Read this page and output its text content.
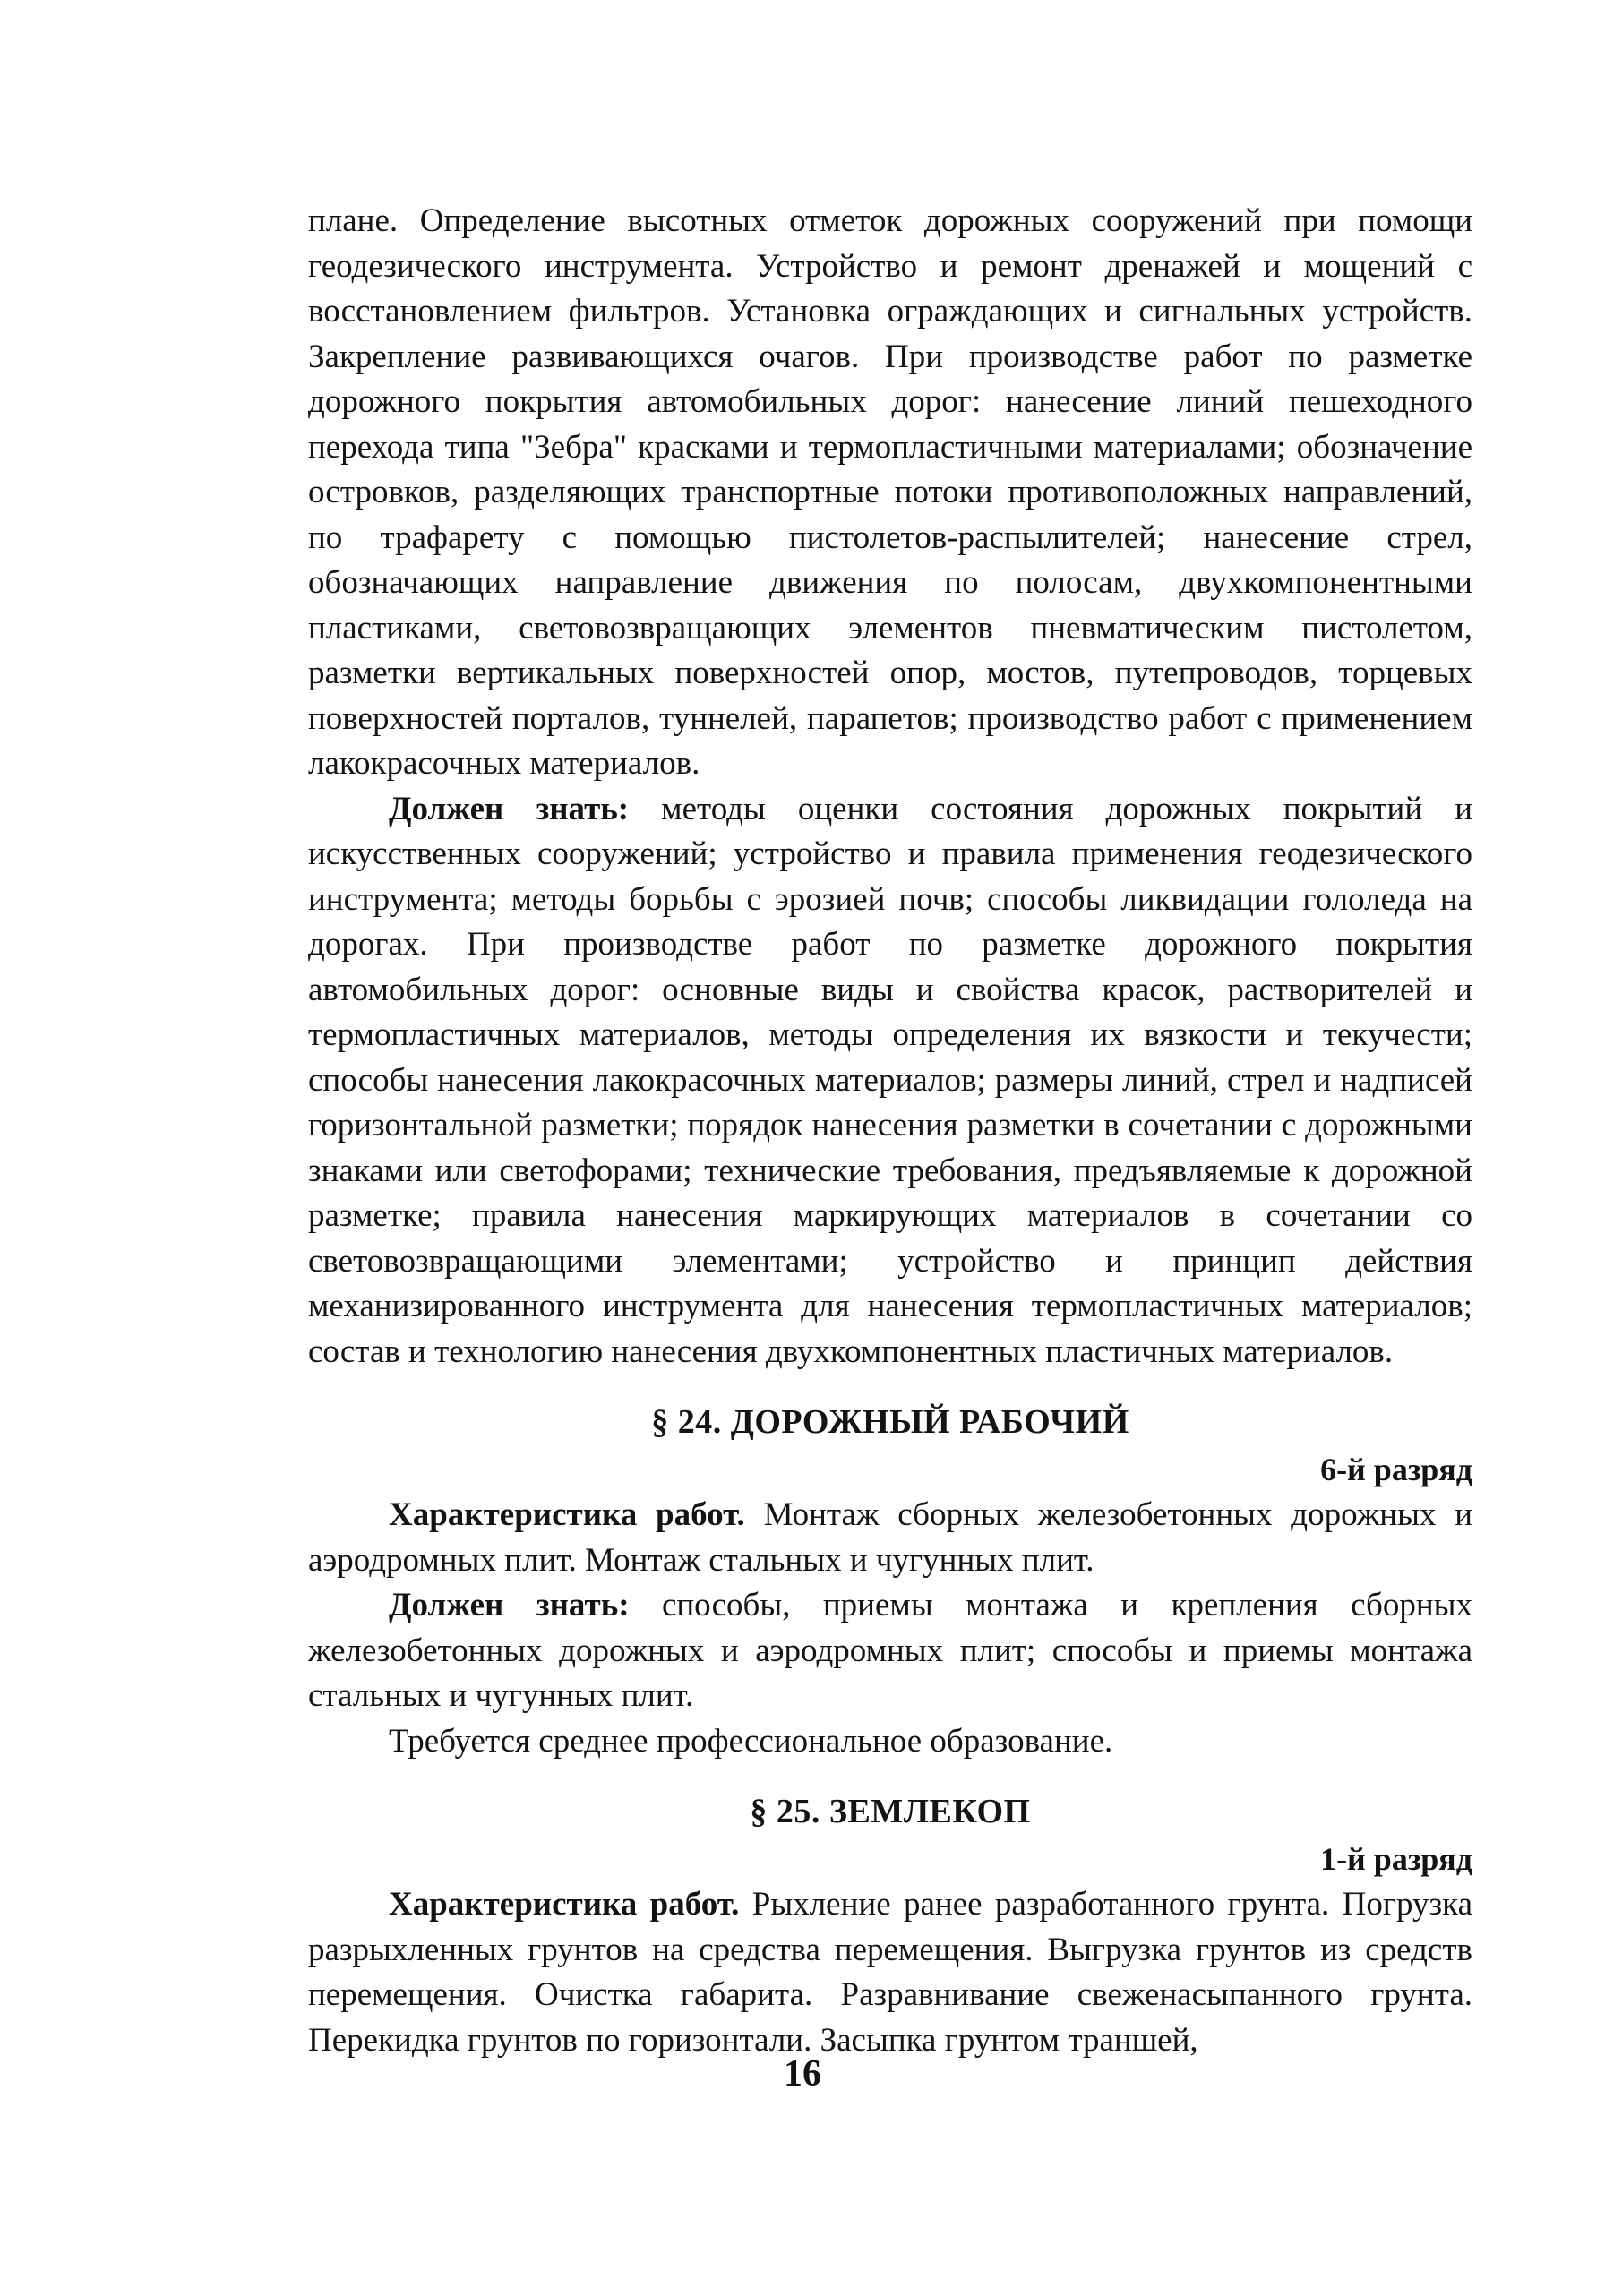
плане. Определение высотных отметок дорожных сооружений при помощи геодезического инструмента. Устройство и ремонт дренажей и мощений с восстановлением фильтров. Установка ограждающих и сигнальных устройств. Закрепление развивающихся очагов. При производстве работ по разметке дорожного покрытия автомобильных дорог: нанесение линий пешеходного перехода типа "Зебра" красками и термопластичными материалами; обозначение островков, разделяющих транспортные потоки противоположных направлений, по трафарету с помощью пистолетов-распылителей; нанесение стрел, обозначающих направление движения по полосам, двухкомпонентными пластиками, световозвращающих элементов пневматическим пистолетом, разметки вертикальных поверхностей опор, мостов, путепроводов, торцевых поверхностей порталов, туннелей, парапетов; производство работ с применением лакокрасочных материалов.

Должен знать: методы оценки состояния дорожных покрытий и искусственных сооружений; устройство и правила применения геодезического инструмента; методы борьбы с эрозией почв; способы ликвидации гололеда на дорогах. При производстве работ по разметке дорожного покрытия автомобильных дорог: основные виды и свойства красок, растворителей и термопластичных материалов, методы определения их вязкости и текучести; способы нанесения лакокрасочных материалов; размеры линий, стрел и надписей горизонтальной разметки; порядок нанесения разметки в сочетании с дорожными знаками или светофорами; технические требования, предъявляемые к дорожной разметке; правила нанесения маркирующих материалов в сочетании со световозвращающими элементами; устройство и принцип действия механизированного инструмента для нанесения термопластичных материалов; состав и технологию нанесения двухкомпонентных пластичных материалов.

§ 24. ДОРОЖНЫЙ РАБОЧИЙ
6-й разряд

Характеристика работ. Монтаж сборных железобетонных дорожных и аэродромных плит. Монтаж стальных и чугунных плит.

Должен знать: способы, приемы монтажа и крепления сборных железобетонных дорожных и аэродромных плит; способы и приемы монтажа стальных и чугунных плит.

Требуется среднее профессиональное образование.

§ 25. ЗЕМЛЕКОП
1-й разряд

Характеристика работ. Рыхление ранее разработанного грунта. Погрузка разрыхленных грунтов на средства перемещения. Выгрузка грунтов из средств перемещения. Очистка габарита. Разравнивание свеженасыпанного грунта. Перекидка грунтов по горизонтали. Засыпка грунтом траншей,

16
